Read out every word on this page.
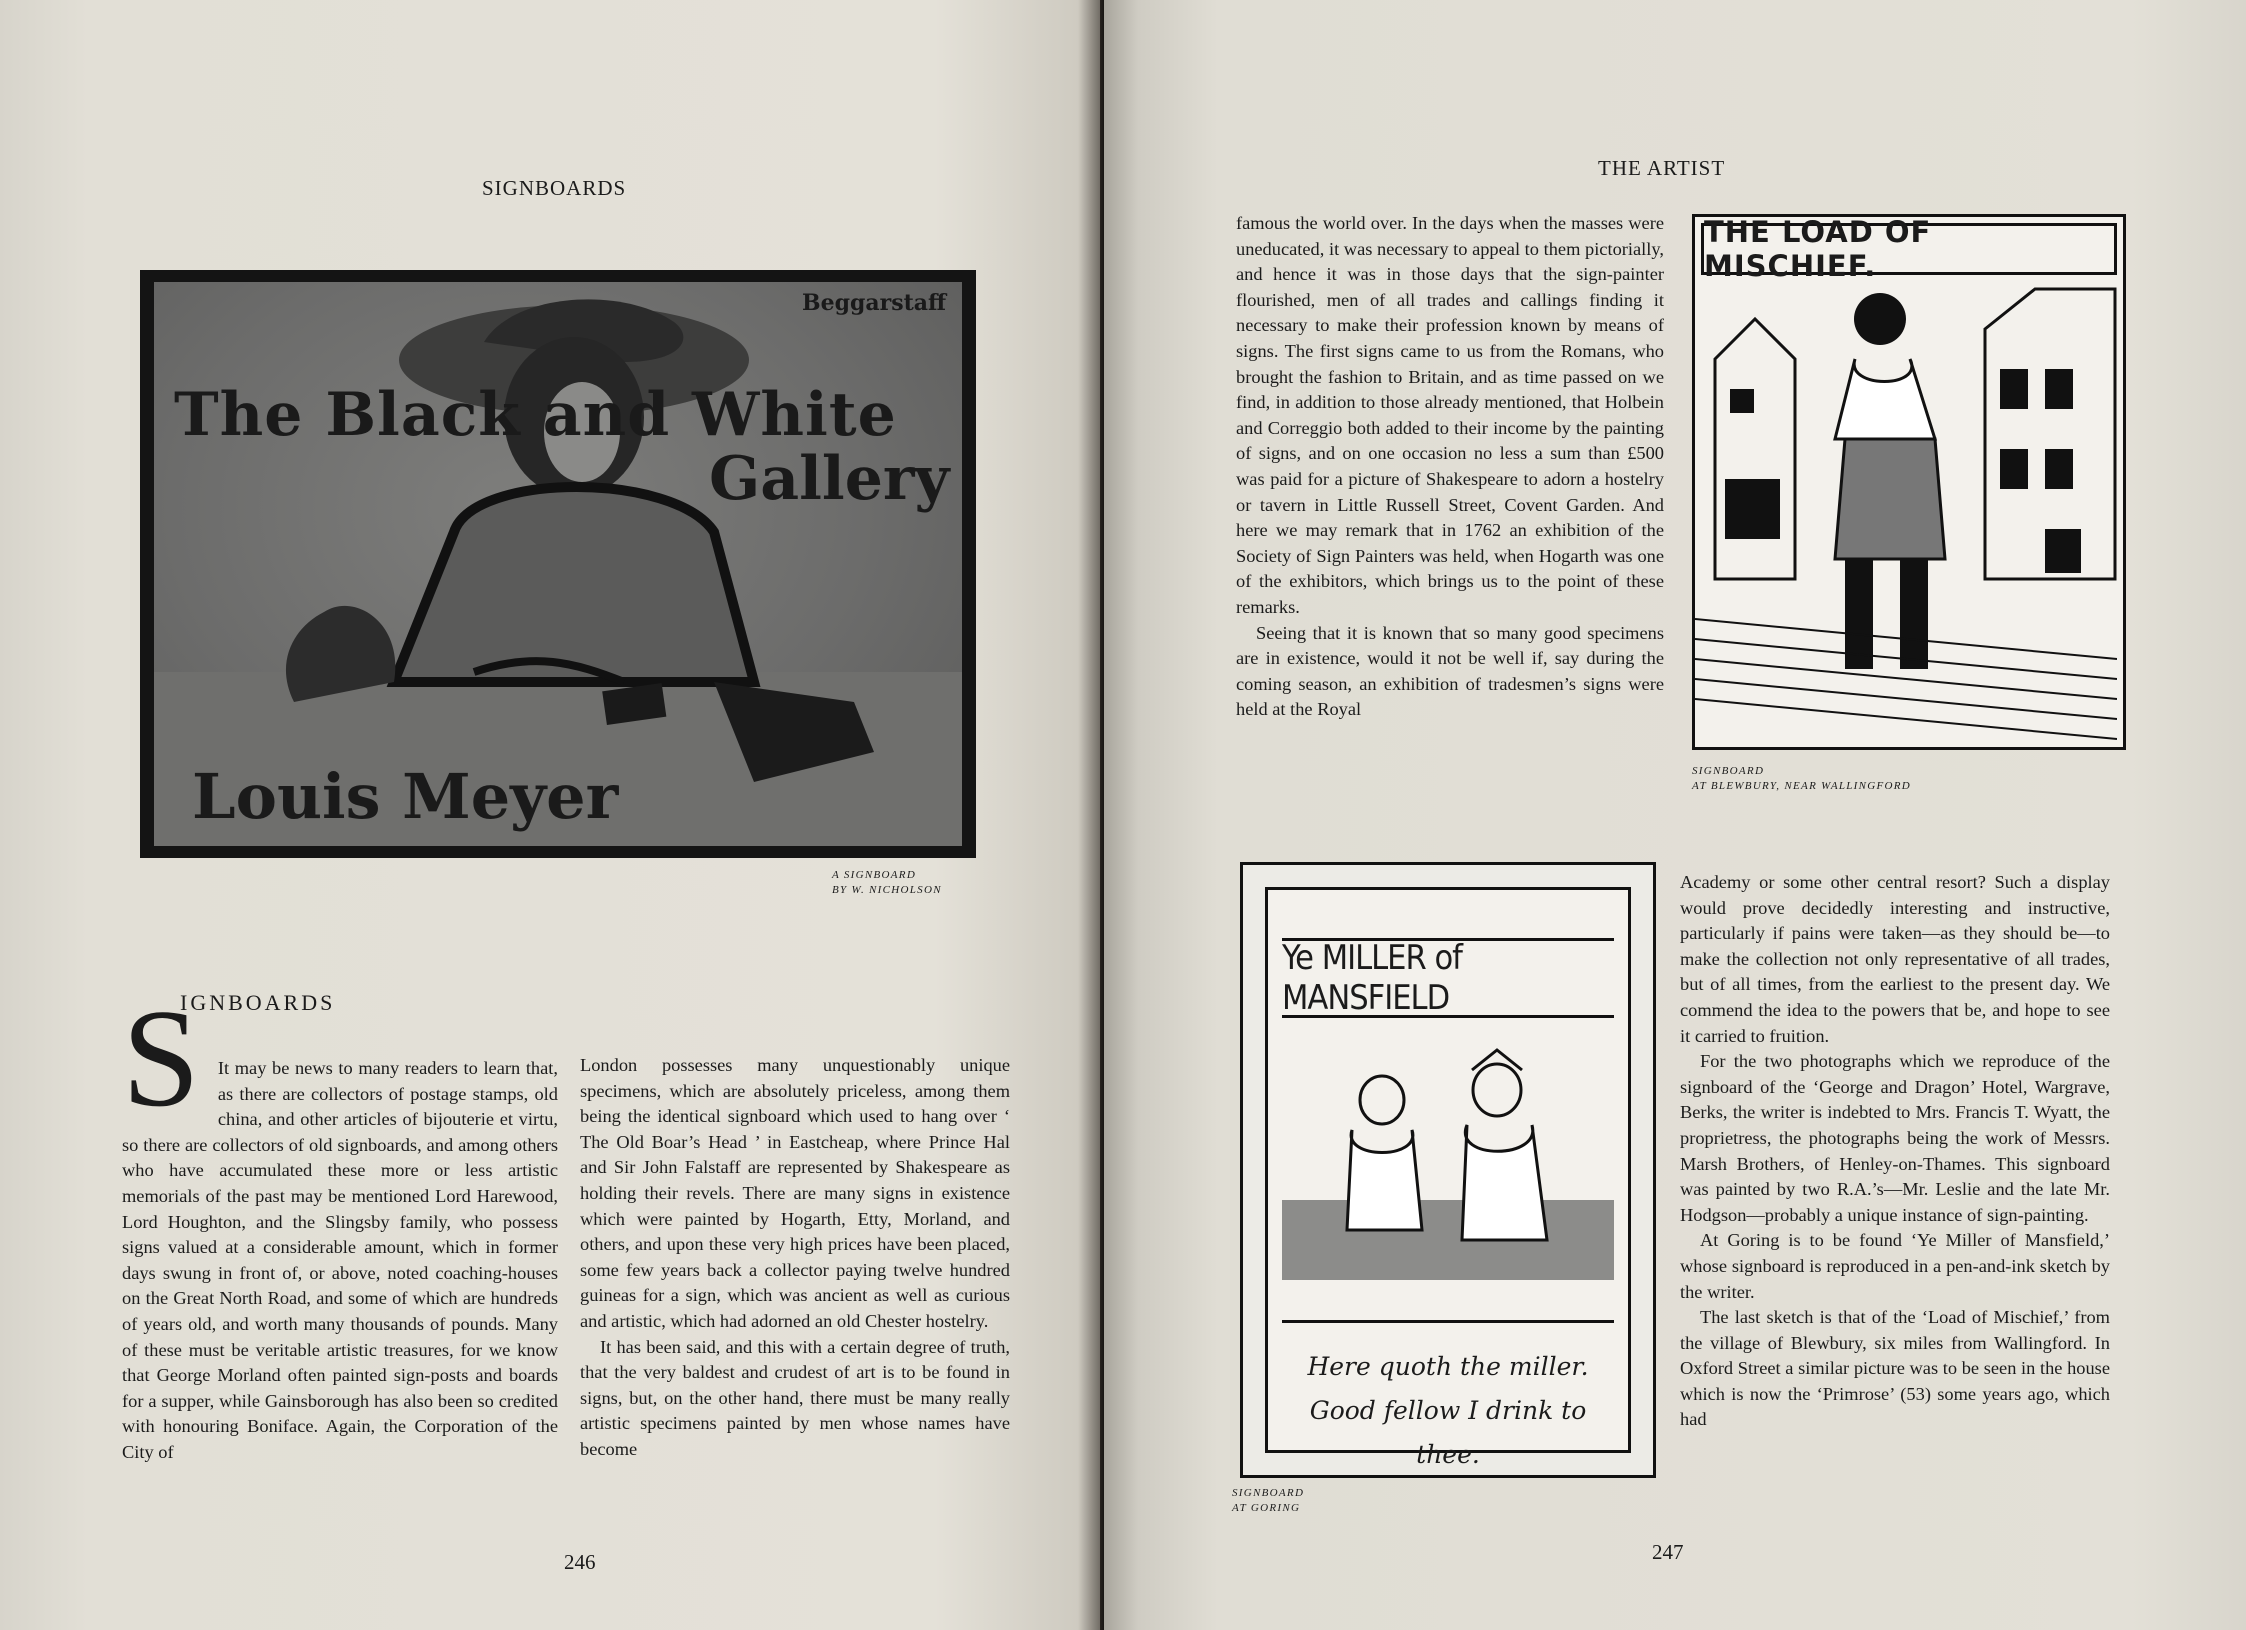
SIGNBOARDS
Beggarstaff
The Black and White
Gallery
Louis Meyer
A SIGNBOARD
BY W. NICHOLSON
IGNBOARDS
S It may be news to many readers to learn that, as there are collectors of postage stamps, old china, and other articles of bijouterie et virtu, so there are collectors of old signboards, and among others who have accumulated these more or less artistic memorials of the past may be mentioned Lord Harewood, Lord Houghton, and the Slingsby family, who possess signs valued at a considerable amount, which in former days swung in front of, or above, noted coaching-houses on the Great North Road, and some of which are hundreds of years old, and worth many thousands of pounds. Many of these must be veritable artistic treasures, for we know that George Morland often painted sign-posts and boards for a supper, while Gainsborough has also been so credited with honouring Boniface. Again, the Corporation of the City of

London possesses many unquestionably unique specimens, which are absolutely priceless, among them being the identical signboard which used to hang over ‘ The Old Boar’s Head ’ in Eastcheap, where Prince Hal and Sir John Falstaff are represented by Shakespeare as holding their revels. There are many signs in existence which were painted by Hogarth, Etty, Morland, and others, and upon these very high prices have been placed, some few years back a collector paying twelve hundred guineas for a sign, which was ancient as well as curious and artistic, which had adorned an old Chester hostelry.

It has been said, and this with a certain degree of truth, that the very baldest and crudest of art is to be found in signs, but, on the other hand, there must be many really artistic specimens painted by men whose names have become

246
THE ARTIST

famous the world over. In the days when the masses were uneducated, it was necessary to appeal to them pictorially, and hence it was in those days that the sign-painter flourished, men of all trades and callings finding it necessary to make their profession known by means of signs. The first signs came to us from the Romans, who brought the fashion to Britain, and as time passed on we find, in addition to those already mentioned, that Holbein and Correggio both added to their income by the painting of signs, and on one occasion no less a sum than £500 was paid for a picture of Shakespeare to adorn a hostelry or tavern in Little Russell Street, Covent Garden. And here we may remark that in 1762 an exhibition of the Society of Sign Painters was held, when Hogarth was one of the exhibitors, which brings us to the point of these remarks.

Seeing that it is known that so many good specimens are in existence, would it not be well if, say during the coming season, an exhibition of tradesmen’s signs were held at the Royal

THE LOAD OF MISCHIEF.
SIGNBOARD
AT BLEWBURY, NEAR WALLINGFORD
Ye MILLER of MANSFIELD
Here quoth the miller.
Good fellow I drink to thee.
SIGNBOARD
AT GORING

Academy or some other central resort? Such a display would prove decidedly interesting and instructive, particularly if pains were taken—as they should be—to make the collection not only representative of all trades, but of all times, from the earliest to the present day. We commend the idea to the powers that be, and hope to see it carried to fruition.

For the two photographs which we reproduce of the signboard of the ‘George and Dragon’ Hotel, Wargrave, Berks, the writer is indebted to Mrs. Francis T. Wyatt, the proprietress, the photographs being the work of Messrs. Marsh Brothers, of Henley-on-Thames. This signboard was painted by two R.A.’s—Mr. Leslie and the late Mr. Hodgson—probably a unique instance of sign-painting.

At Goring is to be found ‘Ye Miller of Mansfield,’ whose signboard is reproduced in a pen-and-ink sketch by the writer.

The last sketch is that of the ‘Load of Mischief,’ from the village of Blewbury, six miles from Wallingford. In Oxford Street a similar picture was to be seen in the house which is now the ‘Primrose’ (53) some years ago, which had

247
